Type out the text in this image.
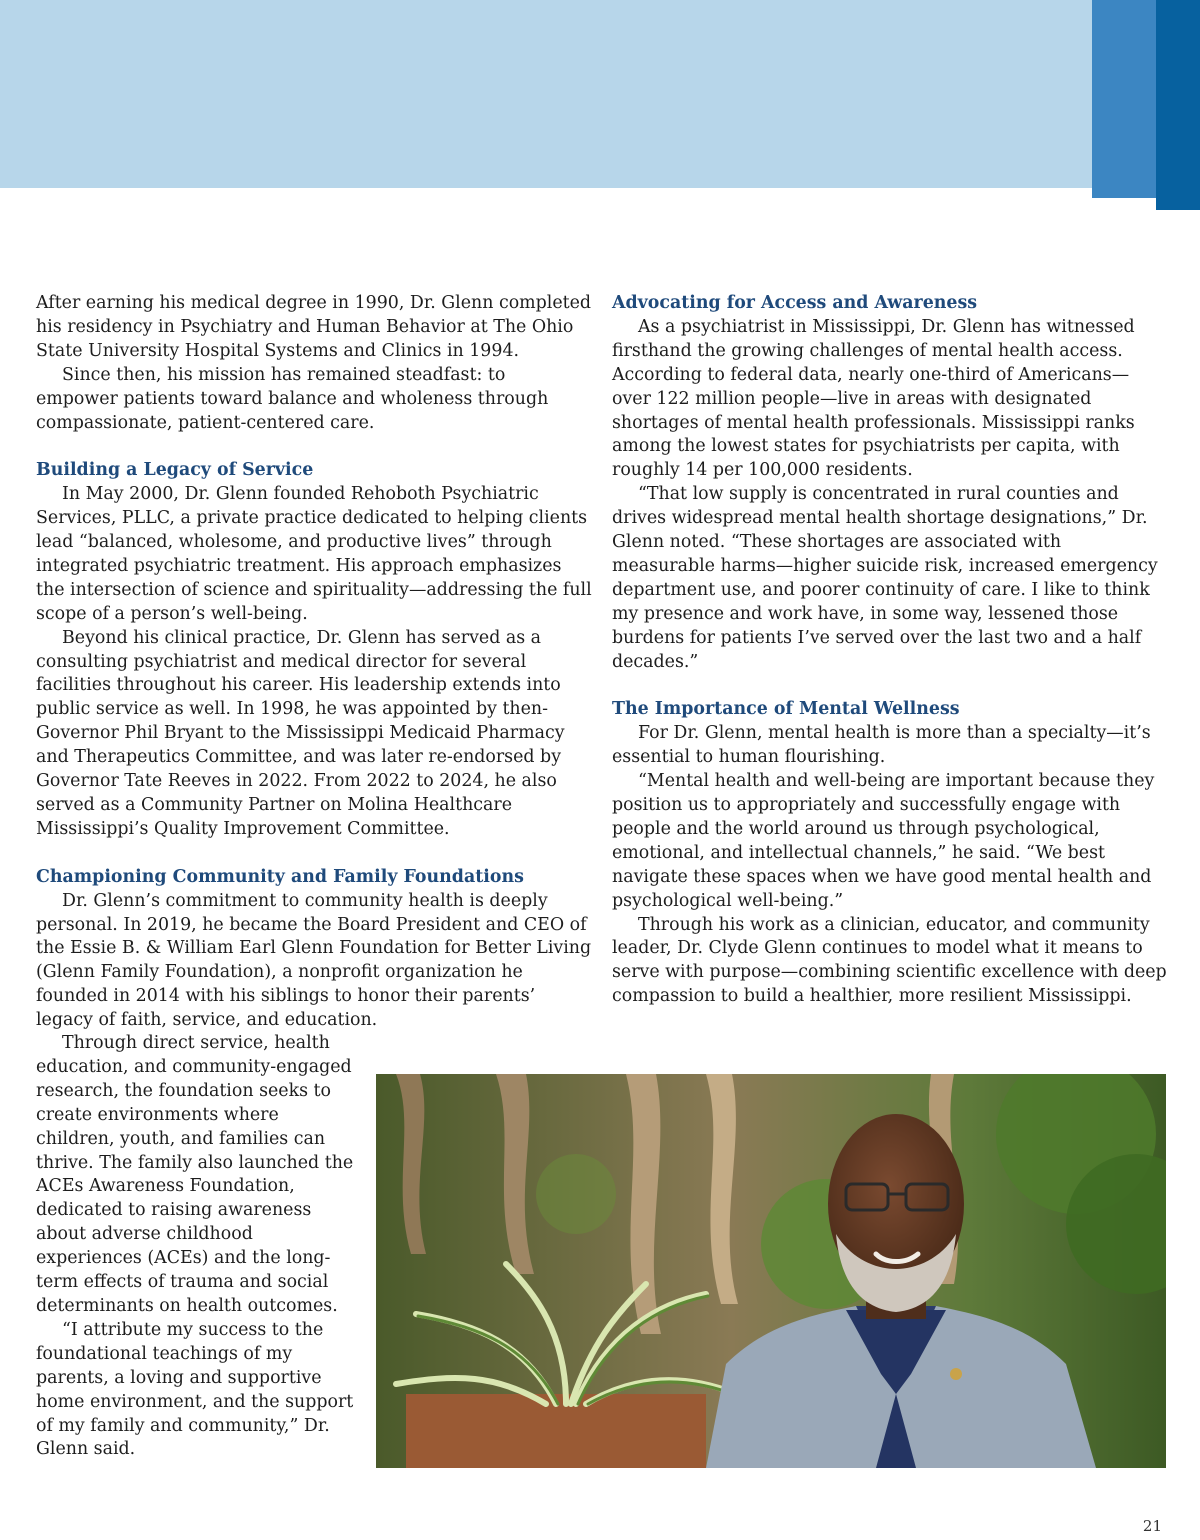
After earning his medical degree in 1990, Dr. Glenn completed his residency in Psychiatry and Human Behavior at The Ohio State University Hospital Systems and Clinics in 1994.

Since then, his mission has remained steadfast: to empower patients toward balance and wholeness through compassionate, patient-centered care.

Building a Legacy of Service

In May 2000, Dr. Glenn founded Rehoboth Psychiatric Services, PLLC, a private practice dedicated to helping clients lead “balanced, wholesome, and productive lives” through integrated psychiatric treatment. His approach emphasizes the intersection of science and spirituality—addressing the full scope of a person’s well-being.

Beyond his clinical practice, Dr. Glenn has served as a consulting psychiatrist and medical director for several facilities throughout his career. His leadership extends into public service as well. In 1998, he was appointed by then-Governor Phil Bryant to the Mississippi Medicaid Pharmacy and Therapeutics Committee, and was later re-endorsed by Governor Tate Reeves in 2022. From 2022 to 2024, he also served as a Community Partner on Molina Healthcare Mississippi’s Quality Improvement Committee.

Championing Community and Family Foundations

Dr. Glenn’s commitment to community health is deeply personal. In 2019, he became the Board President and CEO of the Essie B. & William Earl Glenn Foundation for Better Living (Glenn Family Foundation), a nonprofit organization he founded in 2014 with his siblings to honor their parents’ legacy of faith, service, and education.

Through direct service, health education, and community-engaged research, the foundation seeks to create environments where children, youth, and families can thrive. The family also launched the ACEs Awareness Foundation, dedicated to raising awareness about adverse childhood experiences (ACEs) and the long-term effects of trauma and social determinants on health outcomes.

“I attribute my success to the foundational teachings of my parents, a loving and supportive home environment, and the support of my family and community,” Dr. Glenn said.

Advocating for Access and Awareness

As a psychiatrist in Mississippi, Dr. Glenn has witnessed firsthand the growing challenges of mental health access. According to federal data, nearly one-third of Americans—over 122 million people—live in areas with designated shortages of mental health professionals. Mississippi ranks among the lowest states for psychiatrists per capita, with roughly 14 per 100,000 residents.

“That low supply is concentrated in rural counties and drives widespread mental health shortage designations,” Dr. Glenn noted. “These shortages are associated with measurable harms—higher suicide risk, increased emergency department use, and poorer continuity of care. I like to think my presence and work have, in some way, lessened those burdens for patients I’ve served over the last two and a half decades.”

The Importance of Mental Wellness

For Dr. Glenn, mental health is more than a specialty—it’s essential to human flourishing.

“Mental health and well-being are important because they position us to appropriately and successfully engage with people and the world around us through psychological, emotional, and intellectual channels,” he said. “We best navigate these spaces when we have good mental health and psychological well-being.”

Through his work as a clinician, educator, and community leader, Dr. Clyde Glenn continues to model what it means to serve with purpose—combining scientific excellence with deep compassion to build a healthier, more resilient Mississippi.

21
